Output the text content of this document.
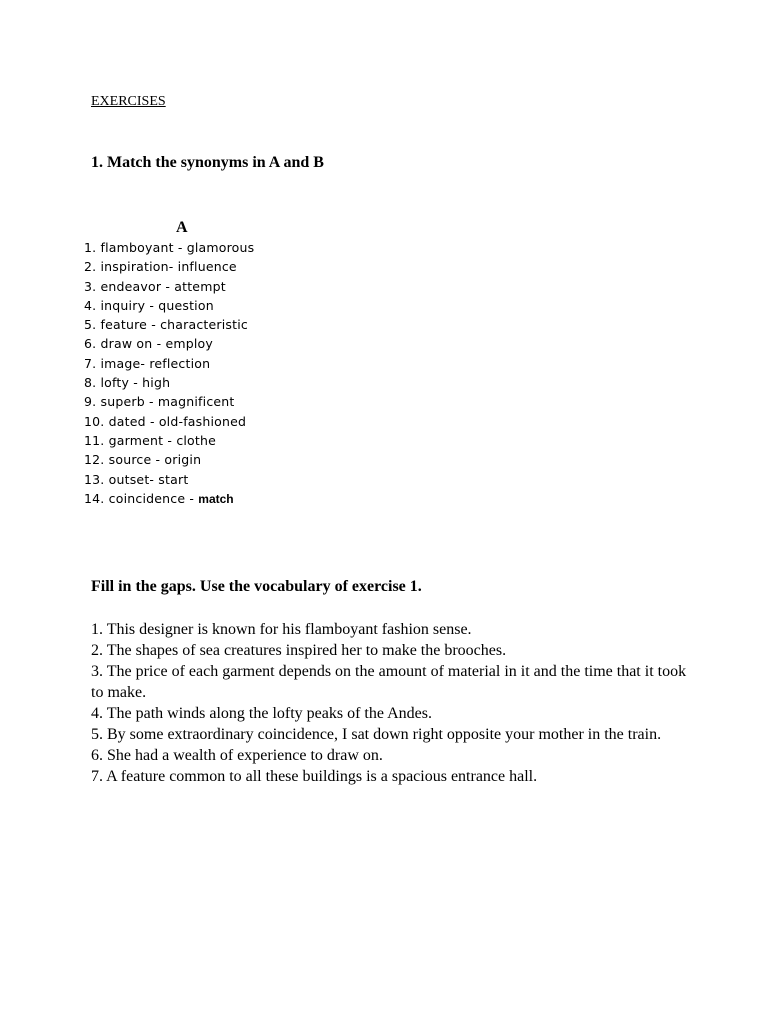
EXERCISES
1. Match the synonyms in A and B
A
1. flamboyant - glamorous
2. inspiration- influence
3. endeavor - attempt
4. inquiry - question
5. feature - characteristic
6. draw on - employ
7. image- reflection
8. lofty - high
9. superb - magnificent
10. dated - old-fashioned
11. garment - clothe
12. source - origin
13. outset- start
14. coincidence - match
Fill in the gaps. Use the vocabulary of exercise 1.
1. This designer is known for his flamboyant fashion sense.
2. The shapes of sea creatures inspired her to make the brooches.
3. The price of each garment depends on the amount of material in it and the time that it took to make.
4. The path winds along the lofty peaks of the Andes.
5. By some extraordinary coincidence, I sat down right opposite your mother in the train.
6. She had a wealth of experience to draw on.
7. A feature common to all these buildings is a spacious entrance hall.
